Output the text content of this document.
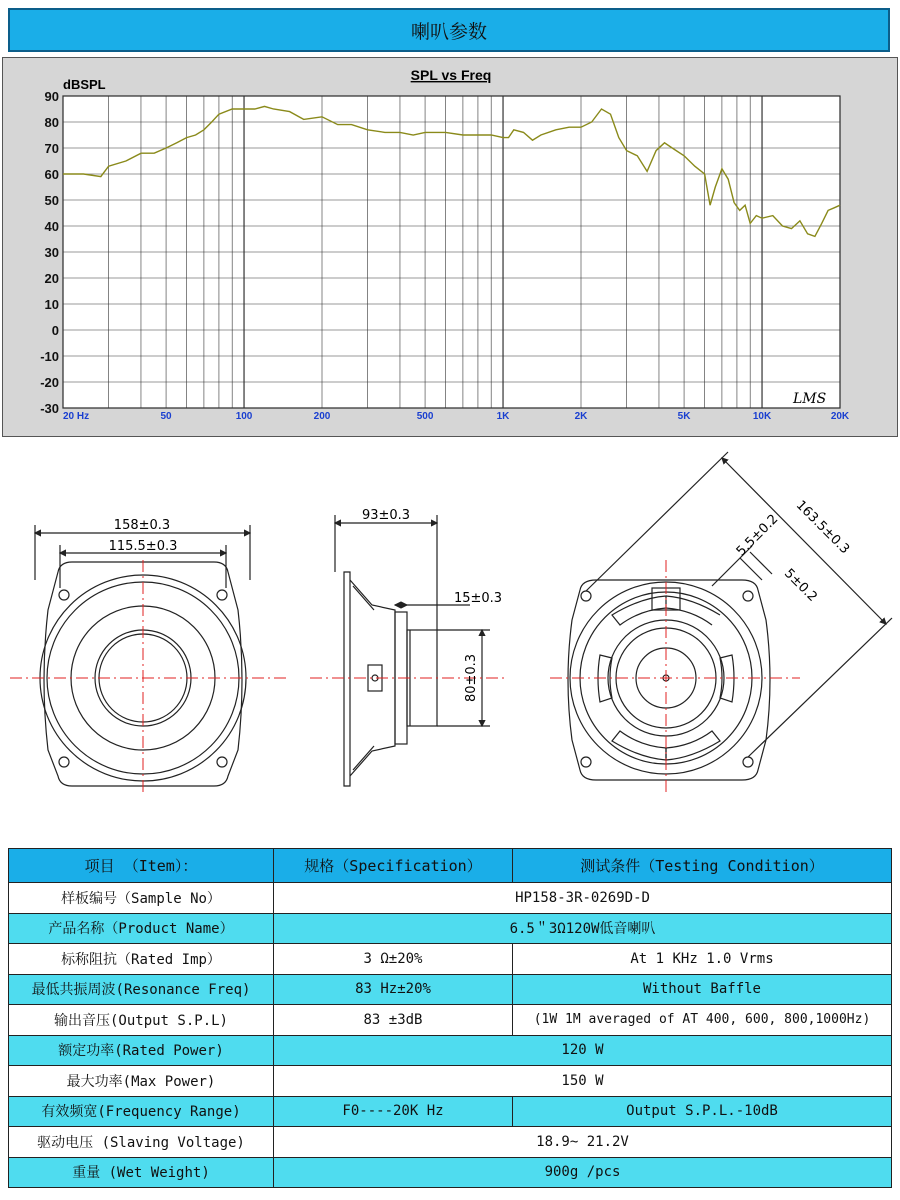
喇叭参数
90
80
70
60
50
40
30
20
10
0
-10
-20
-30
20 Hz	50	100	200	500	1K	2K	5K	10K	20K
SPL vs Freq
dBSPL
LMS
158±0.3
115.5±0.3
93±0.3
15±0.3
80±0.3
163.5±0.3
5.5±0.2
5±0.2
项目 （Item）：	规格（Specification）	测试条件（Testing Condition）
样板编号（Sample No）	HP158-3R-0269D-D	
产品名称（Product Name）	6.5＂3Ω120W低音喇叭	
标称阻抗（Rated Imp）	3 Ω±20%	At 1 KHz 1.0 Vrms
最低共振周波(Resonance Freq)	83 Hz±20%	Without Baffle
输出音压(Output S.P.L)	83 ±3dB	(1W 1M averaged of AT 400, 600, 800,1000Hz)
额定功率(Rated Power)	120 W	
最大功率(Max Power)	150 W	
有效频宽(Frequency Range)	F0----20K Hz	Output S.P.L.-10dB
驱动电压 (Slaving Voltage)	18.9~ 21.2V	
重量 (Wet Weight)	900g /pcs	
